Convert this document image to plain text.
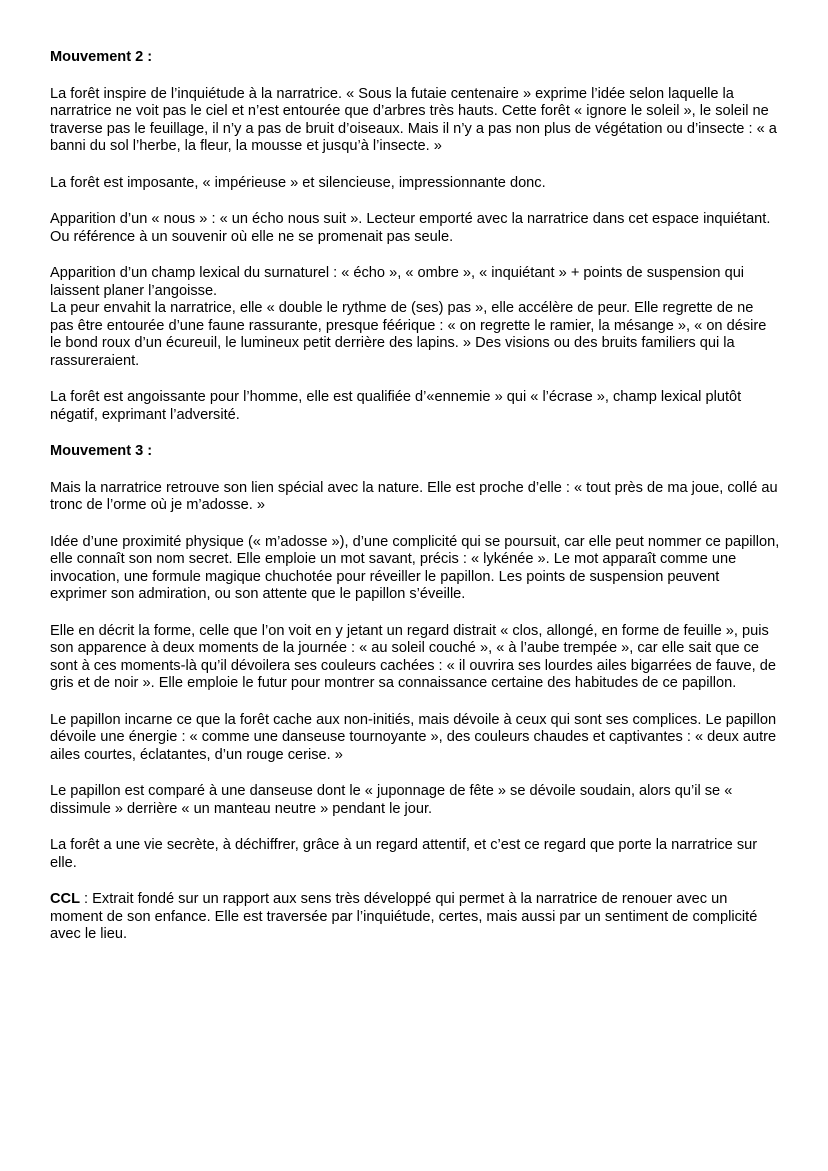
Mouvement 2 :

La forêt inspire de l’inquiétude à la narratrice. « Sous la futaie centenaire » exprime l’idée selon laquelle la narratrice ne voit pas le ciel et n’est entourée que d’arbres très hauts. Cette forêt « ignore le soleil », le soleil ne traverse pas le feuillage, il n’y a pas de bruit d’oiseaux. Mais il n’y a pas non plus de végétation ou d’insecte : « a banni du sol l’herbe, la fleur, la mousse et jusqu’à l’insecte. »

La forêt est imposante, « impérieuse » et silencieuse, impressionnante donc.

Apparition d’un « nous » : « un écho nous suit ». Lecteur emporté avec la narratrice dans cet espace inquiétant. Ou référence à un souvenir où elle ne se promenait pas seule.

Apparition d’un champ lexical du surnaturel : « écho », « ombre », « inquiétant » + points de suspension qui laissent planer l’angoisse.

La peur envahit la narratrice, elle « double le rythme de (ses) pas », elle accélère de peur. Elle regrette de ne pas être entourée d’une faune rassurante, presque féérique : « on regrette le ramier, la mésange », « on désire le bond roux d’un écureuil, le lumineux petit derrière des lapins. » Des visions ou des bruits familiers qui la rassureraient.

La forêt est angoissante pour l’homme, elle est qualifiée d’«ennemie » qui « l’écrase », champ lexical plutôt négatif, exprimant l’adversité.

Mouvement 3 :

Mais la narratrice retrouve son lien spécial avec la nature. Elle est proche d’elle : « tout près de ma joue, collé au tronc de l’orme où je m’adosse. »

Idée d’une proximité physique (« m’adosse »), d’une complicité qui se poursuit, car elle peut nommer ce papillon, elle connaît son nom secret. Elle emploie un mot savant, précis : « lykénée ». Le mot apparaît comme une invocation, une formule magique chuchotée pour réveiller le papillon. Les points de suspension peuvent exprimer son admiration, ou son attente que le papillon s’éveille.

Elle en décrit la forme, celle que l’on voit en y jetant un regard distrait « clos, allongé, en forme de feuille », puis son apparence à deux moments de la journée : « au soleil couché », « à l’aube trempée », car elle sait que ce sont à ces moments-là qu’il dévoilera ses couleurs cachées : « il ouvrira ses lourdes ailes bigarrées de fauve, de gris et de noir ». Elle emploie le futur pour montrer sa connaissance certaine des habitudes de ce papillon.

Le papillon incarne ce que la forêt cache aux non-initiés, mais dévoile à ceux qui sont ses complices. Le papillon dévoile une énergie : « comme une danseuse tournoyante », des couleurs chaudes et captivantes : « deux autre ailes courtes, éclatantes, d’un rouge cerise. »

Le papillon est comparé à une danseuse dont le « juponnage de fête » se dévoile soudain, alors qu’il se « dissimule » derrière « un manteau neutre » pendant le jour.

La forêt a une vie secrète, à déchiffrer, grâce à un regard attentif, et c’est ce regard que porte la narratrice sur elle.

CCL : Extrait fondé sur un rapport aux sens très développé qui permet à la narratrice de renouer avec un moment de son enfance. Elle est traversée par l’inquiétude, certes, mais aussi par un sentiment de complicité avec le lieu.
